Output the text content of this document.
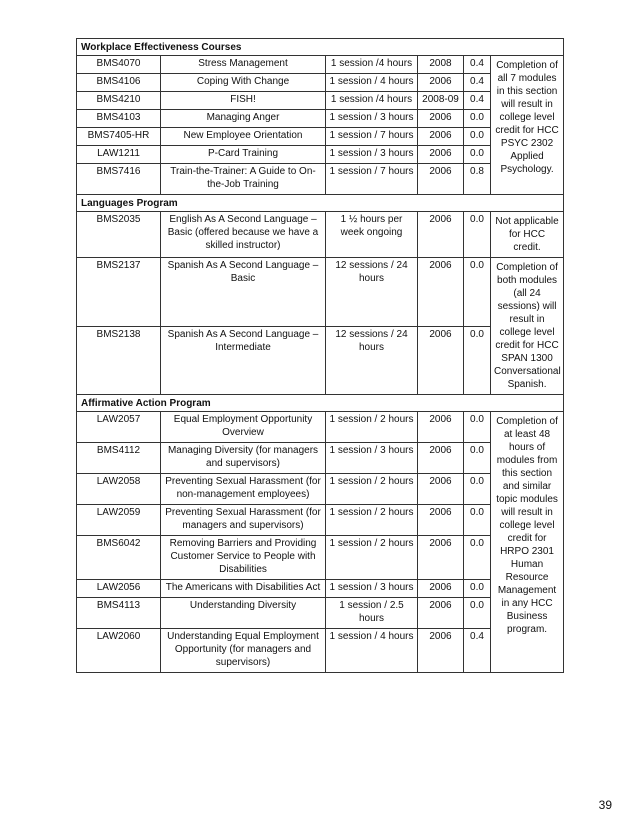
Workplace Effectiveness Courses					
BMS4070	Stress Management	1 session /4 hours	2008	0.4	Completion of all 7 modules in this section will result in college level credit for HCC PSYC 2302 Applied Psychology.
BMS4106	Coping With Change	1 session / 4 hours	2006	0.4	
BMS4210	FISH!	1 session /4 hours	2008-09	0.4	
BMS4103	Managing Anger	1 session / 3 hours	2006	0.0	
BMS7405-HR	New Employee Orientation	1 session / 7 hours	2006	0.0	
LAW1211	P-Card Training	1 session / 3 hours	2006	0.0	
BMS7416	Train-the-Trainer: A Guide to On-the-Job Training	1 session / 7 hours	2006	0.8	
Languages Program					
BMS2035	English As A Second Language – Basic (offered because we have a skilled instructor)	1 ½ hours per week ongoing	2006	0.0	Not applicable for HCC credit.
BMS2137	Spanish As A Second Language – Basic	12 sessions / 24 hours	2006	0.0	Completion of both modules (all 24 sessions) will result in college level credit for HCC SPAN 1300 Conversational Spanish.
BMS2138	Spanish As A Second Language – Intermediate	12 sessions / 24 hours	2006	0.0	
Affirmative Action Program					
LAW2057	Equal Employment Opportunity Overview	1 session / 2 hours	2006	0.0	Completion of at least 48 hours of modules from this section and similar topic modules will result in college level credit for HRPO 2301 Human Resource Management in any HCC Business program.
BMS4112	Managing Diversity (for managers and supervisors)	1 session / 3 hours	2006	0.0	
LAW2058	Preventing Sexual Harassment (for non-management employees)	1 session / 2 hours	2006	0.0	
LAW2059	Preventing Sexual Harassment (for managers and supervisors)	1 session / 2 hours	2006	0.0	
BMS6042	Removing Barriers and Providing Customer Service to People with Disabilities	1 session / 2 hours	2006	0.0	
LAW2056	The Americans with Disabilities Act	1 session / 3 hours	2006	0.0	
BMS4113	Understanding Diversity	1 session / 2.5 hours	2006	0.0	
LAW2060	Understanding Equal Employment Opportunity (for managers and supervisors)	1 session / 4 hours	2006	0.4	
39
